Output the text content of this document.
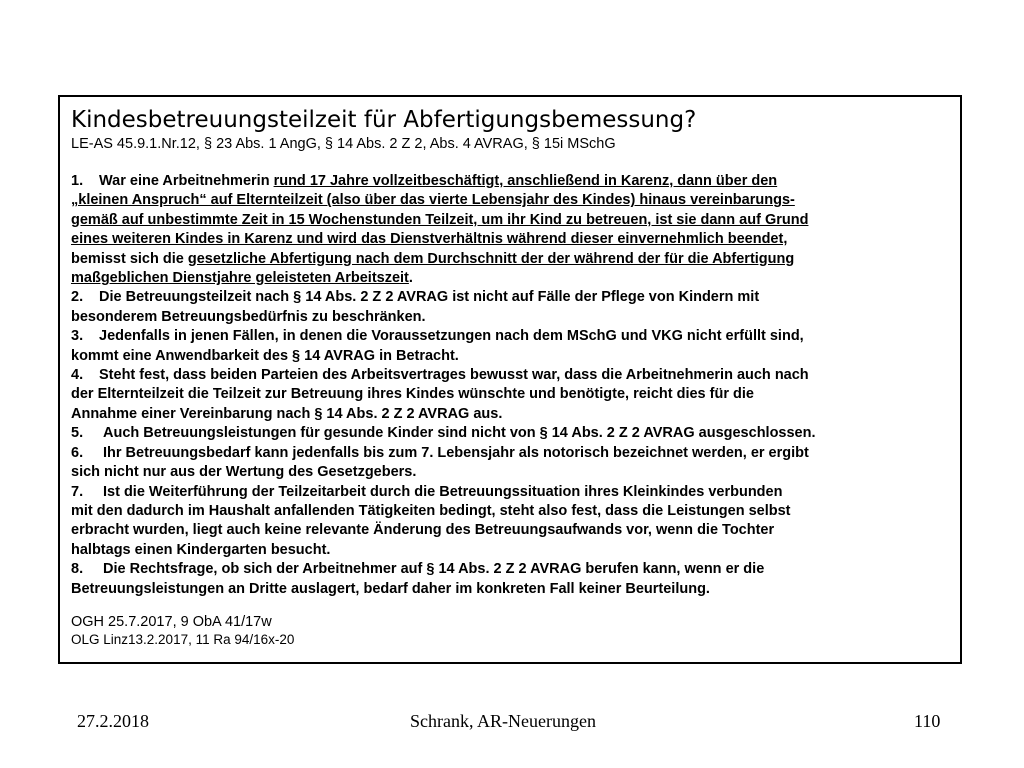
Kindesbetreuungsteilzeit für Abfertigungsbemessung?
LE-AS 45.9.1.Nr.12, § 23 Abs. 1 AngG, § 14 Abs. 2 Z 2, Abs. 4 AVRAG, § 15i MSchG
1. War eine Arbeitnehmerin rund 17 Jahre vollzeitbeschäftigt, anschließend in Karenz, dann über den
„kleinen Anspruch“ auf Elternteilzeit (also über das vierte Lebensjahr des Kindes) hinaus vereinbarungs-
gemäß auf unbestimmte Zeit in 15 Wochenstunden Teilzeit, um ihr Kind zu betreuen, ist sie dann auf Grund
eines weiteren Kindes in Karenz und wird das Dienstverhältnis während dieser einvernehmlich beendet,
bemisst sich die gesetzliche Abfertigung nach dem Durchschnitt der der während der für die Abfertigung
maßgeblichen Dienstjahre geleisteten Arbeitszeit.
2. Die Betreuungsteilzeit nach § 14 Abs. 2 Z 2 AVRAG ist nicht auf Fälle der Pflege von Kindern mit
besonderem Betreuungsbedürfnis zu beschränken.
3. Jedenfalls in jenen Fällen, in denen die Voraussetzungen nach dem MSchG und VKG nicht erfüllt sind,
kommt eine Anwendbarkeit des § 14 AVRAG in Betracht.
4. Steht fest, dass beiden Parteien des Arbeitsvertrages bewusst war, dass die Arbeitnehmerin auch nach
der Elternteilzeit die Teilzeit zur Betreuung ihres Kindes wünschte und benötigte, reicht dies für die
Annahme einer Vereinbarung nach § 14 Abs. 2 Z 2 AVRAG aus.
5. Auch Betreuungsleistungen für gesunde Kinder sind nicht von § 14 Abs. 2 Z 2 AVRAG ausgeschlossen.
6. Ihr Betreuungsbedarf kann jedenfalls bis zum 7. Lebensjahr als notorisch bezeichnet werden, er ergibt
sich nicht nur aus der Wertung des Gesetzgebers.
7. Ist die Weiterführung der Teilzeitarbeit durch die Betreuungssituation ihres Kleinkindes verbunden
mit den dadurch im Haushalt anfallenden Tätigkeiten bedingt, steht also fest, dass die Leistungen selbst
erbracht wurden, liegt auch keine relevante Änderung des Betreuungsaufwands vor, wenn die Tochter
halbtags einen Kindergarten besucht.
8. Die Rechtsfrage, ob sich der Arbeitnehmer auf § 14 Abs. 2 Z 2 AVRAG berufen kann, wenn er die
Betreuungsleistungen an Dritte auslagert, bedarf daher im konkreten Fall keiner Beurteilung.
OGH 25.7.2017, 9 ObA 41/17w
OLG Linz13.2.2017, 11 Ra 94/16x-20
27.2.2018	Schrank, AR-Neuerungen	110
